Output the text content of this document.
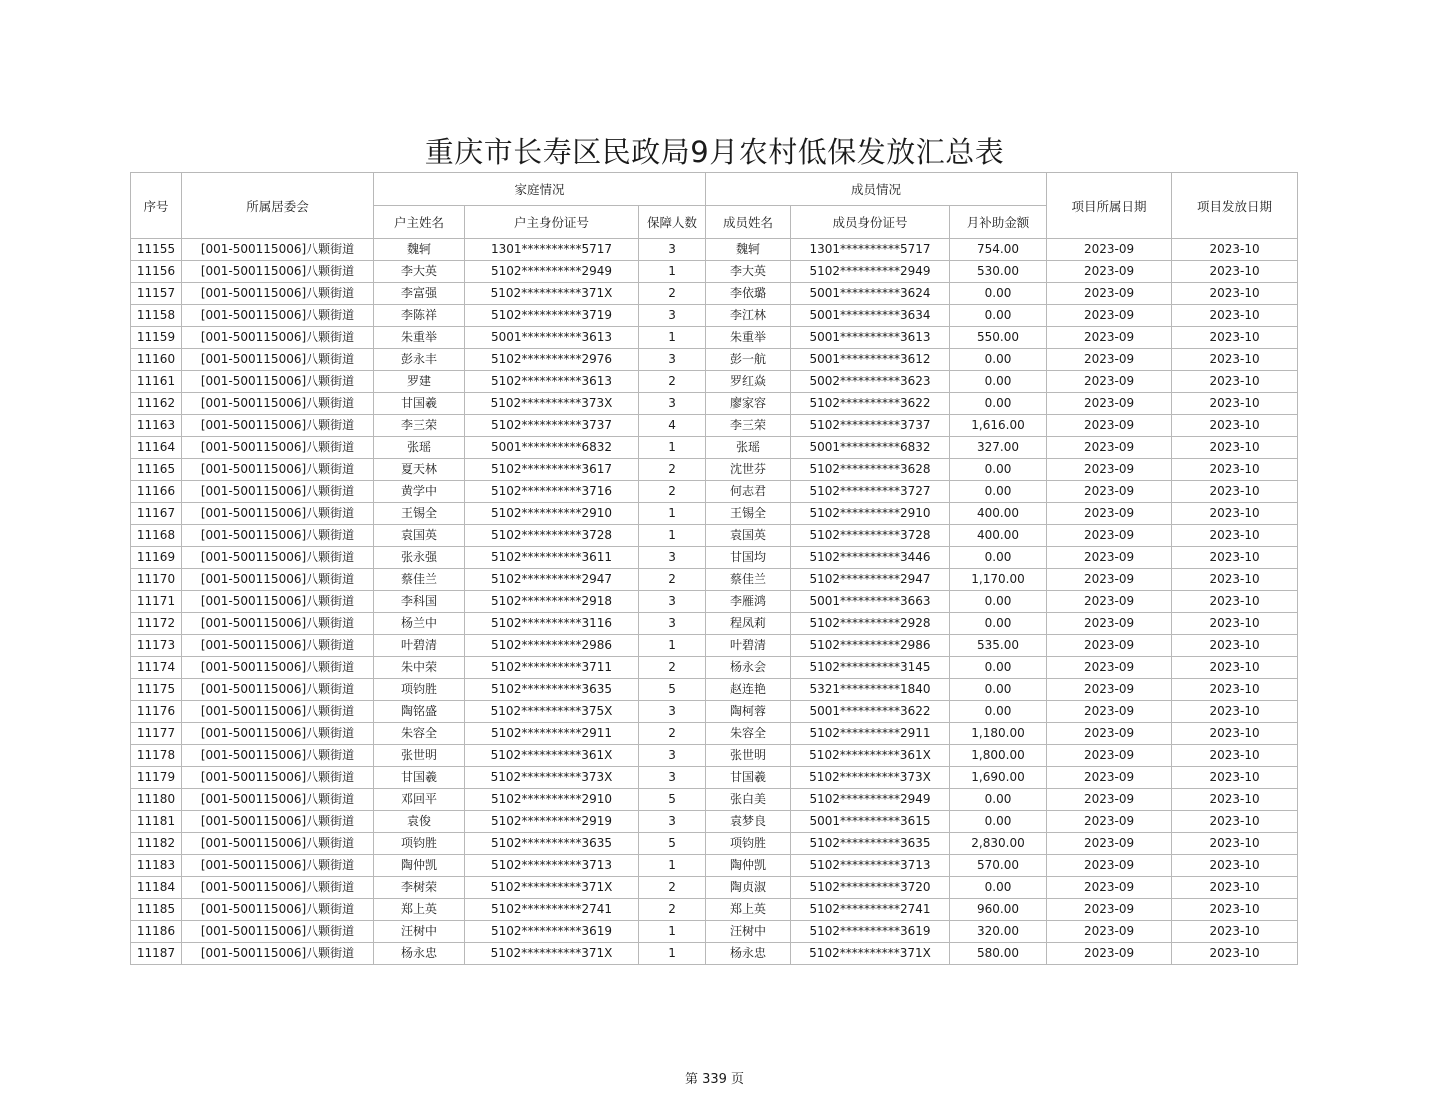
重庆市长寿区民政局9月农村低保发放汇总表
序号	所属居委会	家庭情况			成员情况			项目所属日期	项目发放日期
		户主姓名	户主身份证号	保障人数	成员姓名	成员身份证号	月补助金额		
11155	[001-500115006]八颗街道	魏轲	1301**********5717	3	魏轲	1301**********5717	754.00	2023-09	2023-10
11156	[001-500115006]八颗街道	李大英	5102**********2949	1	李大英	5102**********2949	530.00	2023-09	2023-10
11157	[001-500115006]八颗街道	李富强	5102**********371X	2	李依璐	5001**********3624	0.00	2023-09	2023-10
11158	[001-500115006]八颗街道	李陈祥	5102**********3719	3	李江林	5001**********3634	0.00	2023-09	2023-10
11159	[001-500115006]八颗街道	朱重举	5001**********3613	1	朱重举	5001**********3613	550.00	2023-09	2023-10
11160	[001-500115006]八颗街道	彭永丰	5102**********2976	3	彭一航	5001**********3612	0.00	2023-09	2023-10
11161	[001-500115006]八颗街道	罗建	5102**********3613	2	罗红焱	5002**********3623	0.00	2023-09	2023-10
11162	[001-500115006]八颗街道	甘国羲	5102**********373X	3	廖家容	5102**********3622	0.00	2023-09	2023-10
11163	[001-500115006]八颗街道	李三荣	5102**********3737	4	李三荣	5102**********3737	1,616.00	2023-09	2023-10
11164	[001-500115006]八颗街道	张瑶	5001**********6832	1	张瑶	5001**********6832	327.00	2023-09	2023-10
11165	[001-500115006]八颗街道	夏天林	5102**********3617	2	沈世芬	5102**********3628	0.00	2023-09	2023-10
11166	[001-500115006]八颗街道	黄学中	5102**********3716	2	何志君	5102**********3727	0.00	2023-09	2023-10
11167	[001-500115006]八颗街道	王锡全	5102**********2910	1	王锡全	5102**********2910	400.00	2023-09	2023-10
11168	[001-500115006]八颗街道	袁国英	5102**********3728	1	袁国英	5102**********3728	400.00	2023-09	2023-10
11169	[001-500115006]八颗街道	张永强	5102**********3611	3	甘国均	5102**********3446	0.00	2023-09	2023-10
11170	[001-500115006]八颗街道	蔡佳兰	5102**********2947	2	蔡佳兰	5102**********2947	1,170.00	2023-09	2023-10
11171	[001-500115006]八颗街道	李科国	5102**********2918	3	李雁鸿	5001**********3663	0.00	2023-09	2023-10
11172	[001-500115006]八颗街道	杨兰中	5102**********3116	3	程凤莉	5102**********2928	0.00	2023-09	2023-10
11173	[001-500115006]八颗街道	叶碧清	5102**********2986	1	叶碧清	5102**********2986	535.00	2023-09	2023-10
11174	[001-500115006]八颗街道	朱中荣	5102**********3711	2	杨永会	5102**********3145	0.00	2023-09	2023-10
11175	[001-500115006]八颗街道	项钧胜	5102**********3635	5	赵连艳	5321**********1840	0.00	2023-09	2023-10
11176	[001-500115006]八颗街道	陶铭盛	5102**********375X	3	陶柯蓉	5001**********3622	0.00	2023-09	2023-10
11177	[001-500115006]八颗街道	朱容全	5102**********2911	2	朱容全	5102**********2911	1,180.00	2023-09	2023-10
11178	[001-500115006]八颗街道	张世明	5102**********361X	3	张世明	5102**********361X	1,800.00	2023-09	2023-10
11179	[001-500115006]八颗街道	甘国羲	5102**********373X	3	甘国羲	5102**********373X	1,690.00	2023-09	2023-10
11180	[001-500115006]八颗街道	邓回平	5102**********2910	5	张白美	5102**********2949	0.00	2023-09	2023-10
11181	[001-500115006]八颗街道	袁俊	5102**********2919	3	袁梦良	5001**********3615	0.00	2023-09	2023-10
11182	[001-500115006]八颗街道	项钧胜	5102**********3635	5	项钧胜	5102**********3635	2,830.00	2023-09	2023-10
11183	[001-500115006]八颗街道	陶仲凯	5102**********3713	1	陶仲凯	5102**********3713	570.00	2023-09	2023-10
11184	[001-500115006]八颗街道	李树荣	5102**********371X	2	陶贞淑	5102**********3720	0.00	2023-09	2023-10
11185	[001-500115006]八颗街道	郑上英	5102**********2741	2	郑上英	5102**********2741	960.00	2023-09	2023-10
11186	[001-500115006]八颗街道	汪树中	5102**********3619	1	汪树中	5102**********3619	320.00	2023-09	2023-10
11187	[001-500115006]八颗街道	杨永忠	5102**********371X	1	杨永忠	5102**********371X	580.00	2023-09	2023-10
第 339 页
